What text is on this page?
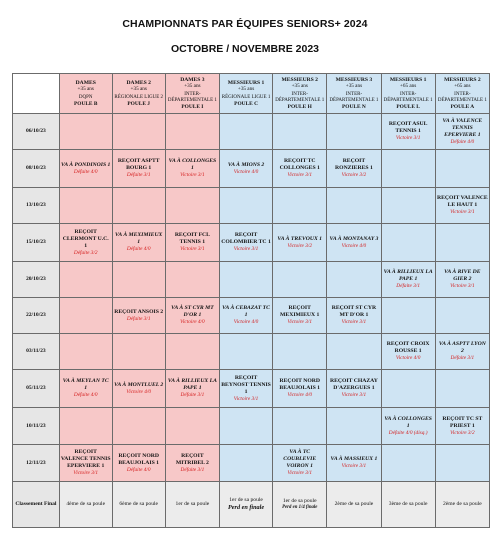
CHAMPIONNATS PAR ÉQUIPES SENIORS+ 2024
OCTOBRE / NOVEMBRE 2023

	DAMES
+35 ans
DQPN
POULE B	DAMES 2
+35 ans
RÉGIONALE LIGUE 2
POULE J	DAMES 3
+35 ans
INTER-DÉPARTEMENTALE 1
POULE I	MESSIEURS 1
+35 ans
RÉGIONALE LIGUE 1
POULE C	MESSIEURS 2
+35 ans
INTER-DÉPARTEMENTALE 1
POULE H	MESSIEURS 3
+35 ans
INTER-DÉPARTEMENTALE 1
POULE N	MESSIEURS 1
+65 ans
INTER-DÉPARTEMENTALE 1
POULE L	MESSIEURS 2
+65 ans
INTER-DÉPARTEMENTALE 1
POULE A

06/10/23							REÇOIT ASUL TENNIS 1
Victoire 3/1	VA À VALENCE TENNIS EPERVIERE 1
Défaite 4/0

08/10/23	VA À PONDINOIS 1
Défaite 4/0	REÇOIT ASPTT BOURG 1
Défaite 3/1	VA À COLLONGES 1
Victoire 3/1	VA À MIONS 2
Victoire 4/0	REÇOIT TC COLLONGES 1
Victoire 3/1	REÇOIT RONZIERES 1
Victoire 3/2		

13/10/23								REÇOIT VALENCE LE HAUT 1
Victoire 3/1

15/10/23	REÇOIT CLERMONT U.C. 1
Défaite 3/2	VA À MEXIMIEUX 1
Défaite 4/0	REÇOIT FCL TENNIS 1
Victoire 3/1	REÇOIT COLOMBIER TC 1
Victoire 3/1	VA À TREVOUX 1
Victoire 3/2	VA À MONTANAY 3
Victoire 4/0		

20/10/23							VA À RILLIEUX LA PAPE 1
Défaite 3/1	VA À RIVE DE GIER 2
Victoire 3/1

22/10/23		REÇOIT ANSOIS 2
Défaite 3/1	VA À ST CYR MT D'OR 1
Victoire 4/0	VA À CEBAZAT TC 1
Victoire 4/0	REÇOIT MEXIMIEUX 1
Victoire 3/1	REÇOIT ST CYR MT D'OR 1
Victoire 3/1		

03/11/23							REÇOIT CROIX ROUSSE 1
Victoire 4/0	VA À ASPTT LYON 2
Défaite 3/1

05/11/23	VA À MEYLAN TC 1
Défaite 4/0	VA À MONTLUEL 2
Victoire 4/0	VA À RILLIEUX LA PAPE 1
Défaite 3/1	REÇOIT BEYNOST TENNIS 1
Victoire 3/1	REÇOIT NORD BEAUJOLAIS 1
Victoire 4/0	REÇOIT CHAZAY D'AZERGUES 1
Victoire 3/1		

10/11/23							VA À COLLONGES 1
Défaite 4/0 (disq.)	REÇOIT TC ST PRIEST 1
Victoire 3/2

12/11/23	REÇOIT VALENCE TENNIS EPERVIERE 1
Victoire 3/1	REÇOIT NORD BEAUJOLAIS 1
Défaite 4/0	REÇOIT MITRIBEL 2
Défaite 3/1		VA À TC COUBLEVIE VOIRON 1
Victoire 3/1	VA À MASSIEUX 1
Victoire 3/1		

Classement Final	4ème de sa poule	6ème de sa poule	1er de sa poule	1er de sa poule
Perd en finale	1er de sa poule
Perd en 1/4 finale	2ème de sa poule	3ème de sa poule	2ème de sa poule
